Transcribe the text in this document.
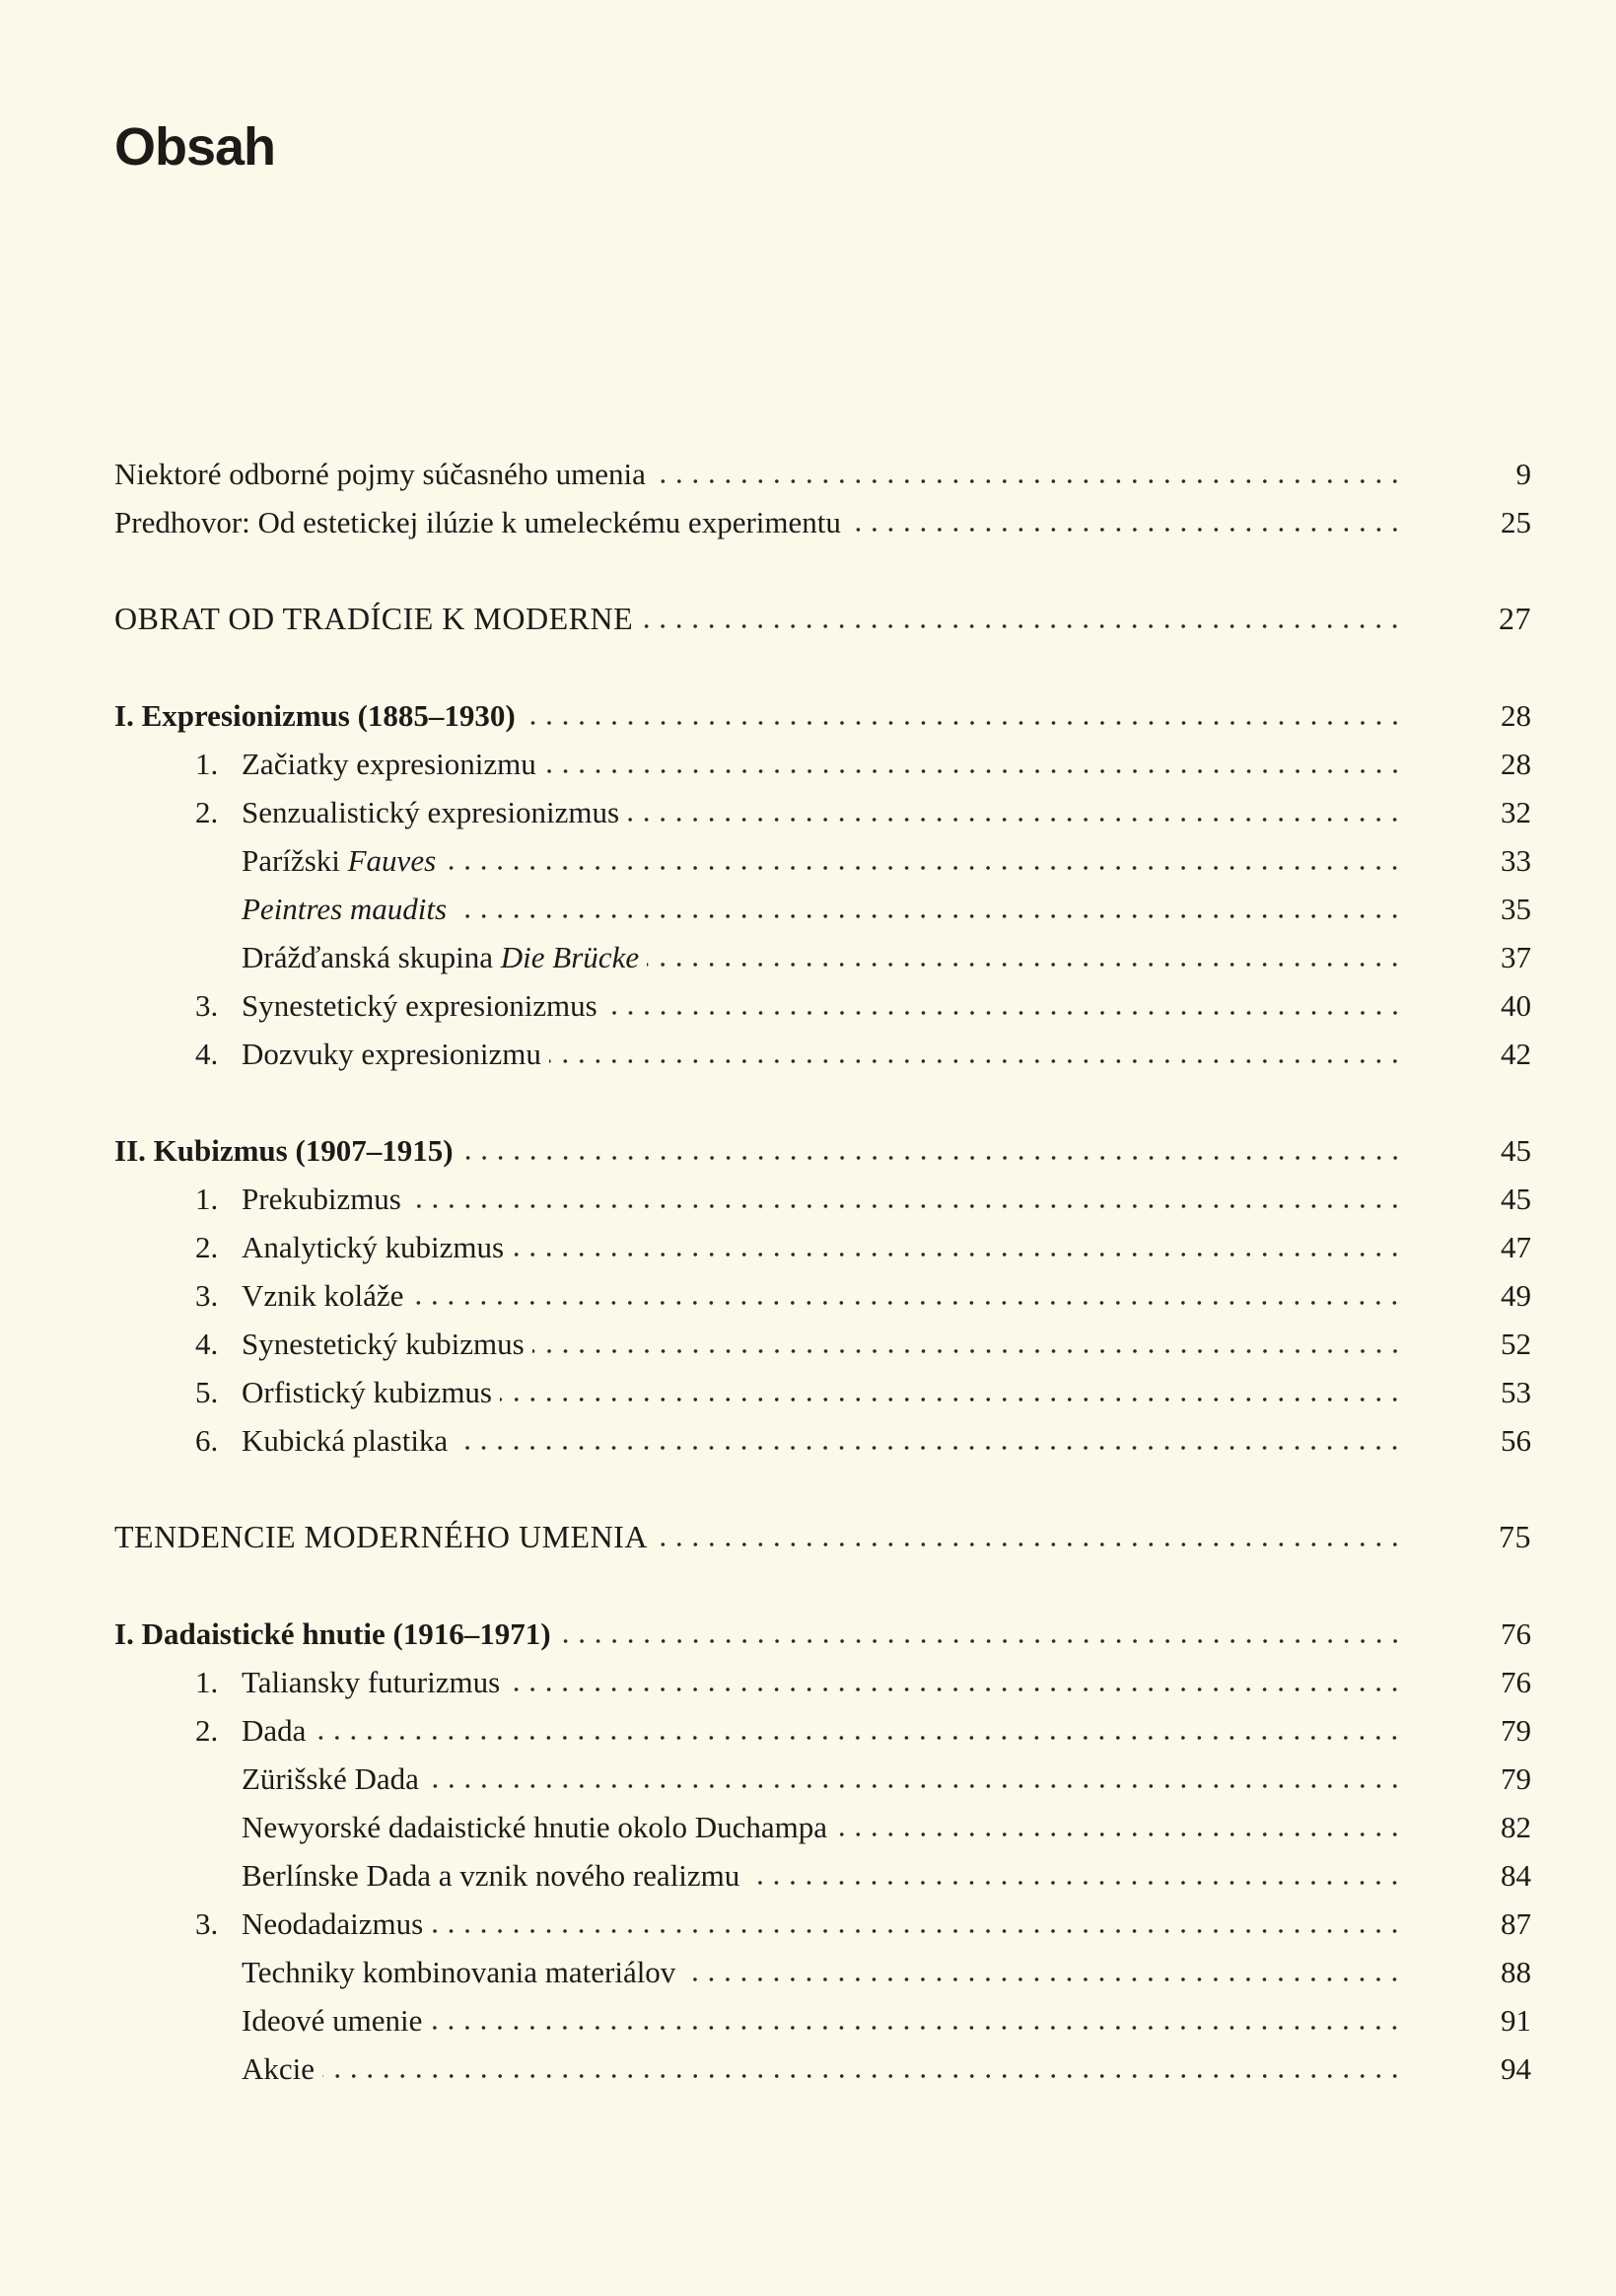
Obsah
Niektoré odborné pojmy súčasného umenia	9
Predhovor: Od estetickej ilúzie k umeleckému experimentu	25
OBRAT OD TRADÍCIE K MODERNE	27
I. Expresionizmus (1885–1930)	28
1. Začiatky expresionizmu	28
2. Senzualistický expresionizmus	32
Parížski Fauves	33
Peintres maudits	35
Drážďanská skupina Die Brücke	37
3. Synestetický expresionizmus	40
4. Dozvuky expresionizmu	42
II. Kubizmus (1907–1915)	45
1. Prekubizmus	45
2. Analytický kubizmus	47
3. Vznik koláže	49
4. Synestetický kubizmus	52
5. Orfistický kubizmus	53
6. Kubická plastika	56
TENDENCIE MODERNÉHO UMENIA	75
I. Dadaistické hnutie (1916–1971)	76
1. Taliansky futurizmus	76
2. Dada	79
Zürišské Dada	79
Newyorské dadaistické hnutie okolo Duchampa	82
Berlínske Dada a vznik nového realizmu	84
3. Neodadaizmus	87
Techniky kombinovania materiálov	88
Ideové umenie	91
Akcie	94
